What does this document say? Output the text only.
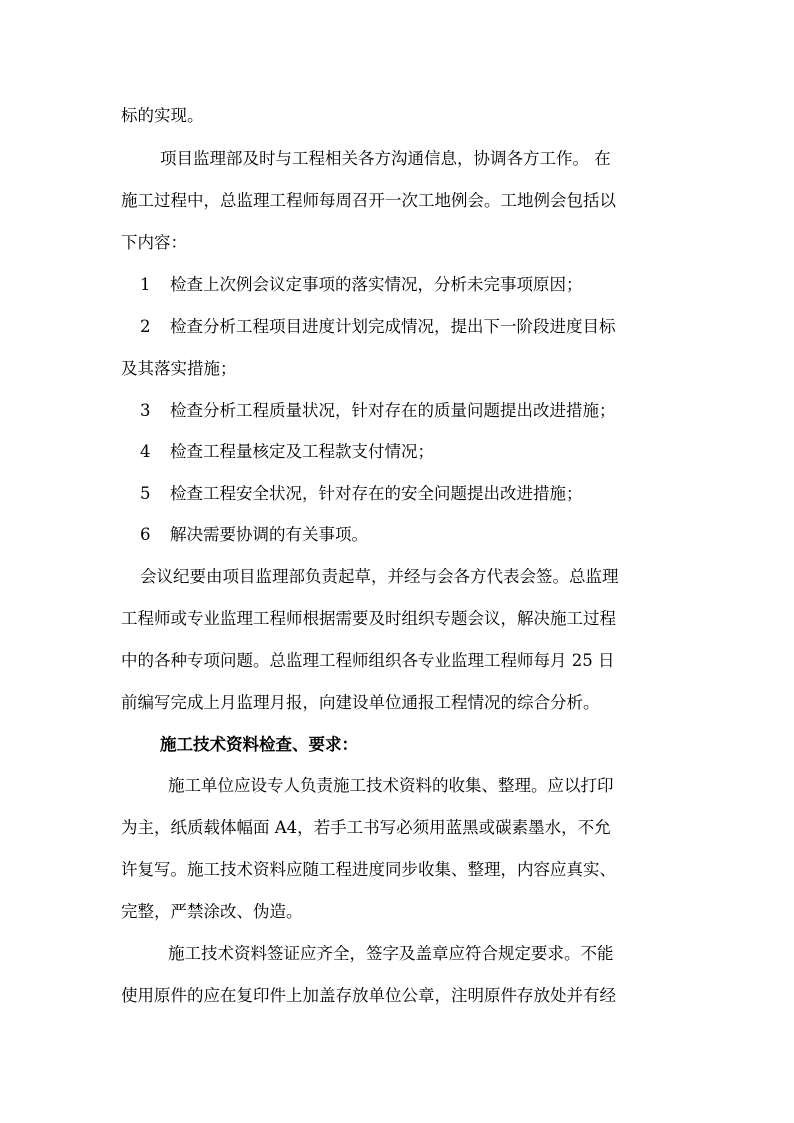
标的实现。
项目监理部及时与工程相关各方沟通信息，协调各方工作。 在
施工过程中，总监理工程师每周召开一次工地例会。工地例会包括以
下内容：
1 检查上次例会议定事项的落实情况，分析未完事项原因；
2 检查分析工程项目进度计划完成情况，提出下一阶段进度目标
及其落实措施；
3 检查分析工程质量状况，针对存在的质量问题提出改进措施；
4 检查工程量核定及工程款支付情况；
5 检查工程安全状况，针对存在的安全问题提出改进措施；
6 解决需要协调的有关事项。
会议纪要由项目监理部负责起草，并经与会各方代表会签。总监理
工程师或专业监理工程师根据需要及时组织专题会议，解决施工过程
中的各种专项问题。总监理工程师组织各专业监理工程师每月 25 日
前编写完成上月监理月报，向建设单位通报工程情况的综合分析。
施工技术资料检查、要求：
施工单位应设专人负责施工技术资料的收集、整理。应以打印
为主，纸质载体幅面 A4，若手工书写必须用蓝黑或碳素墨水，不允
许复写。施工技术资料应随工程进度同步收集、整理，内容应真实、
完整，严禁涂改、伪造。
施工技术资料签证应齐全，签字及盖章应符合规定要求。不能
使用原件的应在复印件上加盖存放单位公章，注明原件存放处并有经
